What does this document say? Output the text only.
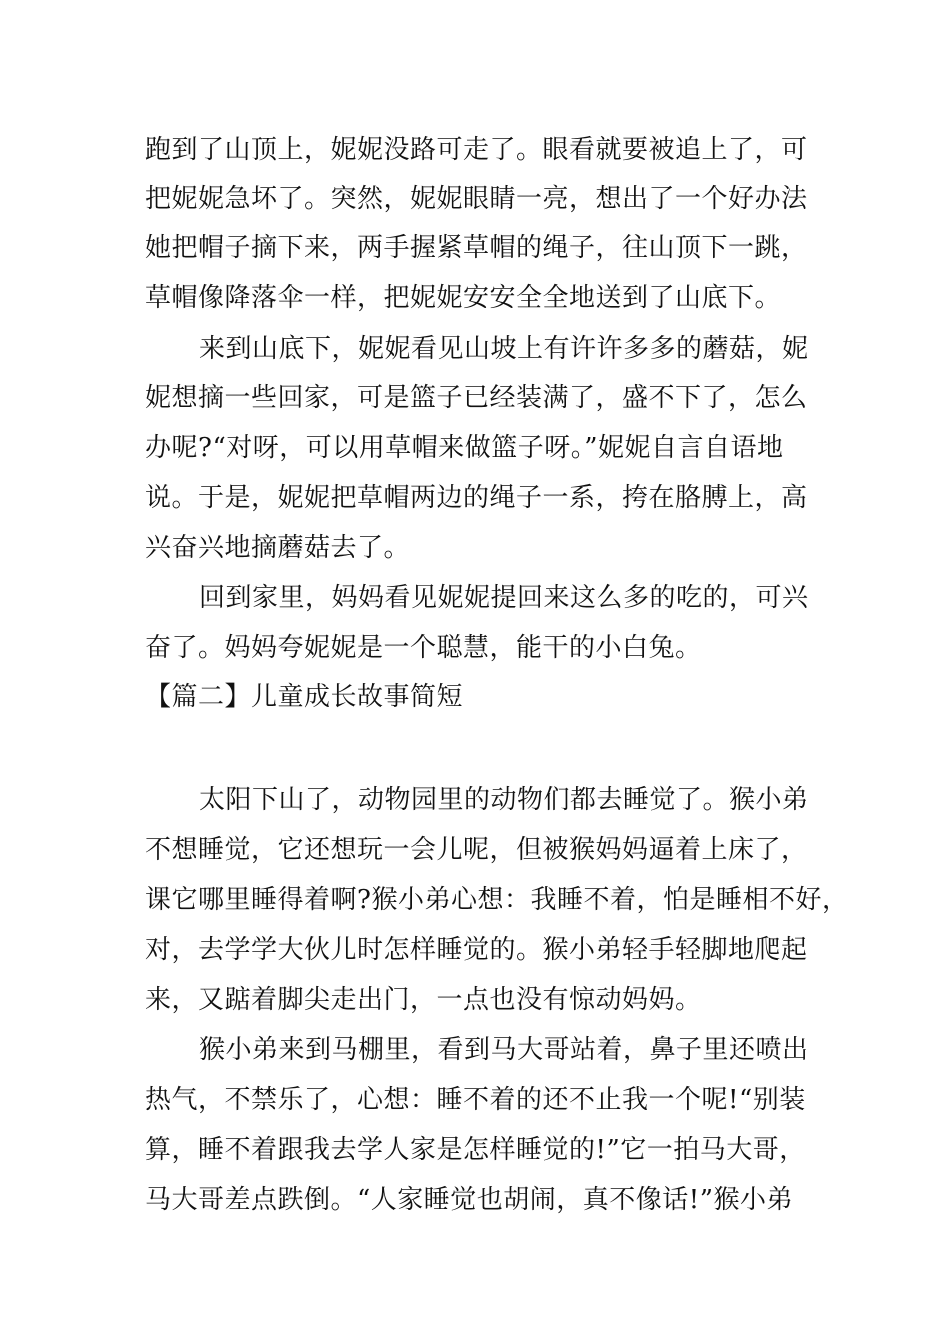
跑到了山顶上，妮妮没路可走了。眼看就要被追上了，可
把妮妮急坏了。突然，妮妮眼睛一亮，想出了一个好办法
她把帽子摘下来，两手握紧草帽的绳子，往山顶下一跳，
草帽像降落伞一样，把妮妮安安全全地送到了山底下。
来到山底下，妮妮看见山坡上有许许多多的蘑菇，妮
妮想摘一些回家，可是篮子已经装满了，盛不下了，怎么
办呢?“对呀，可以用草帽来做篮子呀。”妮妮自言自语地
说。于是，妮妮把草帽两边的绳子一系，挎在胳膊上，高
兴奋兴地摘蘑菇去了。
回到家里，妈妈看见妮妮提回来这么多的吃的，可兴
奋了。妈妈夸妮妮是一个聪慧，能干的小白兔。
【篇二】儿童成长故事简短
太阳下山了，动物园里的动物们都去睡觉了。猴小弟
不想睡觉，它还想玩一会儿呢，但被猴妈妈逼着上床了，
课它哪里睡得着啊?猴小弟心想：我睡不着，怕是睡相不好，
对，去学学大伙儿时怎样睡觉的。猴小弟轻手轻脚地爬起
来，又踮着脚尖走出门，一点也没有惊动妈妈。
猴小弟来到马棚里，看到马大哥站着，鼻子里还喷出
热气，不禁乐了，心想：睡不着的还不止我一个呢!“别装
算，睡不着跟我去学人家是怎样睡觉的!”它一拍马大哥，
马大哥差点跌倒。“人家睡觉也胡闹，真不像话!”猴小弟
